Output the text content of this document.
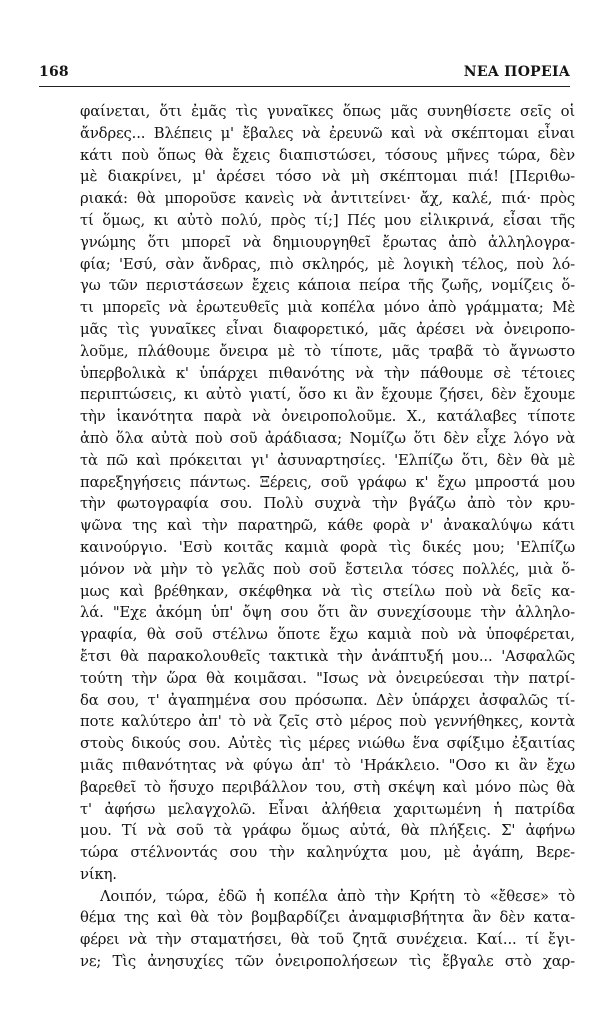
168	ΝΕΑ ΠΟΡΕΙΑ

φαίνεται, ὅτι ἐμᾶς τὶς γυναῖκες ὅπως μᾶς συνηθίσετε σεῖς οἱ

ἄνδρες... Βλέπεις μ' ἔβαλες νὰ ἐρευνῶ καὶ νὰ σκέπτομαι εἶναι

κάτι ποὺ ὅπως θὰ ἔχεις διαπιστώσει, τόσους μῆνες τώρα, δὲν

μὲ διακρίνει, μ' ἀρέσει τόσο νὰ μὴ σκέπτομαι πιά! [Περιθω-

ριακά: θὰ μποροῦσε κανεὶς νὰ ἀντιτείνει· ἄχ, καλέ, πιά· πρὸς

τί ὅμως, κι αὐτὸ πολύ, πρὸς τί;] Πές μου εἰλικρινά, εἶσαι τῆς

γνώμης ὅτι μπορεῖ νὰ δημιουργηθεῖ ἔρωτας ἀπὸ ἀλληλογρα-

φία; 'Εσύ, σὰν ἄνδρας, πιὸ σκληρός, μὲ λογικὴ τέλος, ποὺ λό-

γω τῶν περιστάσεων ἔχεις κάποια πείρα τῆς ζωῆς, νομίζεις ὅ-

τι μπορεῖς νὰ ἐρωτευθεῖς μιὰ κοπέλα μόνο ἀπὸ γράμματα; Μὲ

μᾶς τὶς γυναῖκες εἶναι διαφορετικό, μᾶς ἀρέσει νὰ ὀνειροπο-

λοῦμε, πλάθουμε ὄνειρα μὲ τὸ τίποτε, μᾶς τραβᾶ τὸ ἄγνωστο

ὑπερβολικὰ κ' ὑπάρχει πιθανότης νὰ τὴν πάθουμε σὲ τέτοιες

περιπτώσεις, κι αὐτὸ γιατί, ὅσο κι ἂν ἔχουμε ζήσει, δὲν ἔχουμε

τὴν ἱκανότητα παρὰ νὰ ὀνειροπολοῦμε. Χ., κατάλαβες τίποτε

ἀπὸ ὅλα αὐτὰ ποὺ σοῦ ἀράδιασα; Νομίζω ὅτι δὲν εἶχε λόγο νὰ

τὰ πῶ καὶ πρόκειται γι' ἀσυναρτησίες. 'Ελπίζω ὅτι, δὲν θὰ μὲ

παρεξηγήσεις πάντως. Ξέρεις, σοῦ γράφω κ' ἔχω μπροστά μου

τὴν φωτογραφία σου. Πολὺ συχνὰ τὴν βγάζω ἀπὸ τὸν κρυ-

ψῶνα της καὶ τὴν παρατηρῶ, κάθε φορὰ ν' ἀνακαλύψω κάτι

καινούργιο. 'Εσὺ κοιτᾶς καμιὰ φορὰ τὶς δικές μου; 'Ελπίζω

μόνον νὰ μὴν τὸ γελᾶς ποὺ σοῦ ἔστειλα τόσες πολλές, μιὰ ὅ-

μως καὶ βρέθηκαν, σκέφθηκα νὰ τὶς στείλω ποὺ νὰ δεῖς κα-

λά. "Εχε ἀκόμη ὑπ' ὄψη σου ὅτι ἂν συνεχίσουμε τὴν ἀλληλο-

γραφία, θὰ σοῦ στέλνω ὅποτε ἔχω καμιὰ ποὺ νὰ ὑποφέρεται,

ἔτσι θὰ παρακολουθεῖς τακτικὰ τὴν ἀνάπτυξή μου... 'Ασφαλῶς

τούτη τὴν ὥρα θὰ κοιμᾶσαι. "Ισως νὰ ὀνειρεύεσαι τὴν πατρί-

δα σου, τ' ἀγαπημένα σου πρόσωπα. Δὲν ὑπάρχει ἀσφαλῶς τί-

ποτε καλύτερο ἀπ' τὸ νὰ ζεῖς στὸ μέρος ποὺ γεννήθηκες, κοντὰ

στοὺς δικούς σου. Αὐτὲς τὶς μέρες νιώθω ἕνα σφίξιμο ἐξαιτίας

μιᾶς πιθανότητας νὰ φύγω ἀπ' τὸ 'Ηράκλειο. "Οσο κι ἂν ἔχω

βαρεθεῖ τὸ ἥσυχο περιβάλλον του, στὴ σκέψη καὶ μόνο πὼς θὰ

τ' ἀφήσω μελαγχολῶ. Εἶναι ἀλήθεια χαριτωμένη ἡ πατρίδα

μου. Τί νὰ σοῦ τὰ γράφω ὅμως αὐτά, θὰ πλήξεις. Σ' ἀφήνω

τώρα στέλνοντάς σου τὴν καληνύχτα μου, μὲ ἀγάπη, Βερε-

νίκη.

Λοιπόν, τώρα, ἐδῶ ἡ κοπέλα ἀπὸ τὴν Κρήτη τὸ «ἔθεσε» τὸ

θέμα της καὶ θὰ τὸν βομβαρδίζει ἀναμφισβήτητα ἂν δὲν κατα-

φέρει νὰ τὴν σταματήσει, θὰ τοῦ ζητᾶ συνέχεια. Καί... τί ἔγι-

νε; Τὶς ἀνησυχίες τῶν ὀνειροπολήσεων τὶς ἔβγαλε στὸ χαρ-
